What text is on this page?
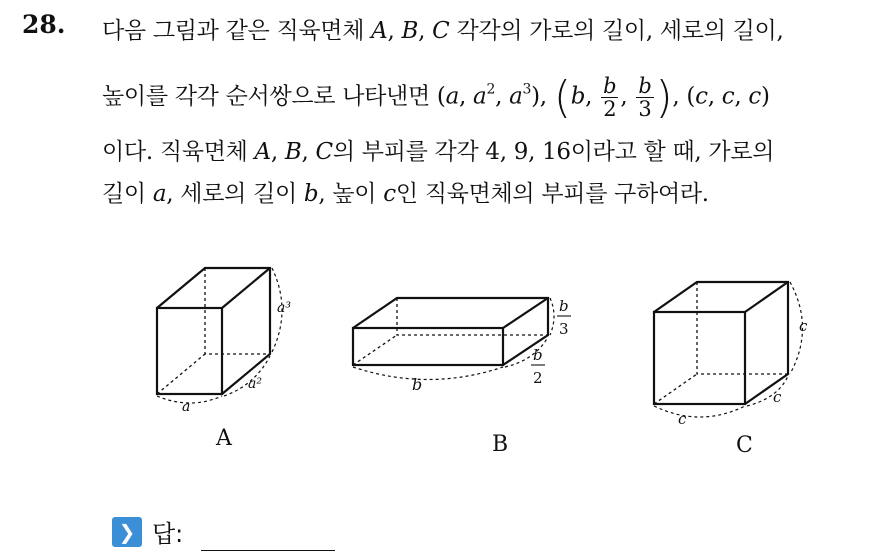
28. 다음 그림과 같은 직육면체 A, B, C 각각의 가로의 길이, 세로의 길이,
높이를 각각 순서쌍으로 나타낸면 (a, $a^2$, $a^3$), (b, $\frac{b}{2}$ , $\frac{b}{3}$ ), (c, c, c)
이다. 직육면체 A, B, C의 부피를 각각 4, 9, 16이라고 할 때, 가로의
길이 a, 세로의 길이 b, 높이 c인 직육면체의 부피를 구하여라.
a
a²
a³
A
b
b
2
b
3
B
c
c
c
C
❯ 답:
